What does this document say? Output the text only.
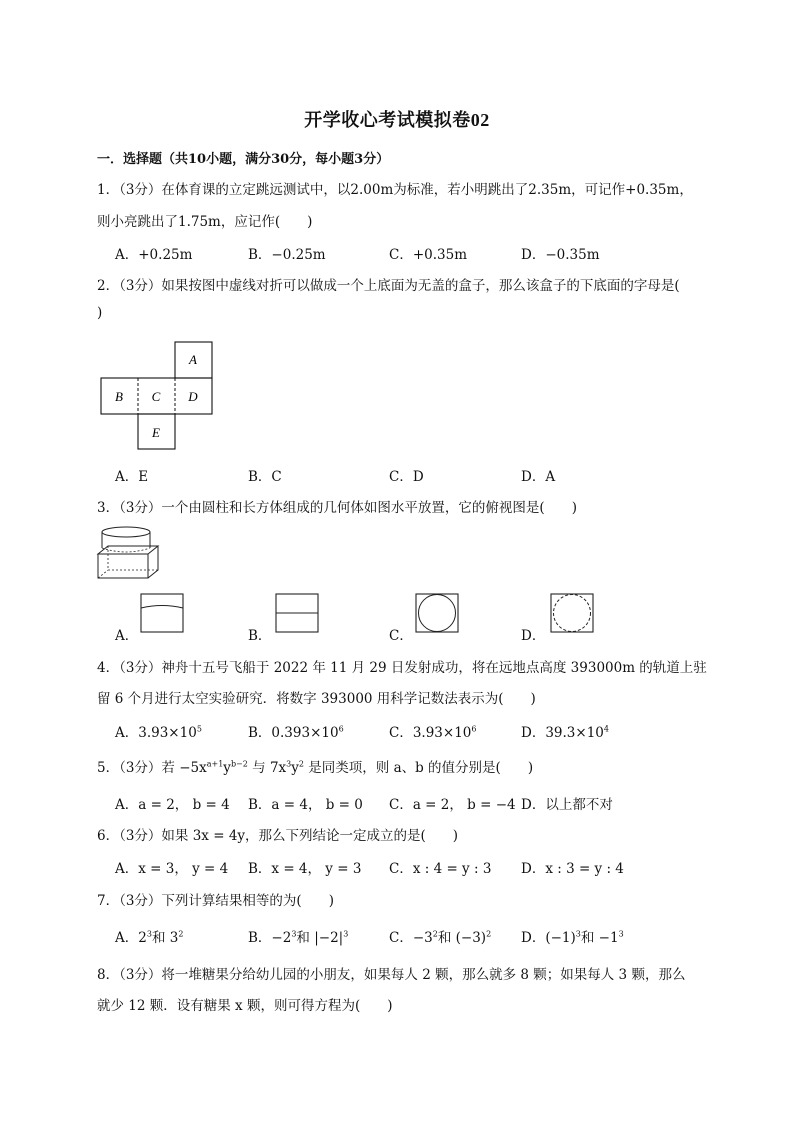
开学收心考试模拟卷02
一．选择题（共10小题，满分30分，每小题3分）
1．（3分）在体育课的立定跳远测试中，以2.00m为标准，若小明跳出了2.35m，可记作+0.35m，
则小亮跳出了1.75m，应记作(　　)
A．+0.25m	B．−0.25m	C．+0.35m	D．−0.35m
2．（3分）如果按图中虚线对折可以做成一个上底面为无盖的盒子，那么该盒子的下底面的字母是(
)
A
B C D
E
A．E	B．C	C．D	D．A
3．（3分）一个由圆柱和长方体组成的几何体如图水平放置，它的俯视图是(　　)
A．	B．	C．	D．
4．（3分）神舟十五号飞船于 2022 年 11 月 29 日发射成功，将在远地点高度 393000m 的轨道上驻
留 6 个月进行太空实验研究．将数字 393000 用科学记数法表示为(　　)
A．$3.93\times 10^5$	B．$0.393\times 10^6$	C．$3.93\times 10^6$	D．$39.3\times 10^4$
5．（3分）若 $-5x^{a+1}y^{b-2}$ 与 $7x^3y^2$ 是同类项，则 a、b 的值分别是(　　)
A．a = 2， b = 4 B．a = 4， b = 0 C．a = 2， b = −4 D．以上都不对
6．（3分）如果 3x = 4y，那么下列结论一定成立的是(　　)
A．x = 3， y = 4 B．x = 4， y = 3 C．x : 4 = y : 3 D．x : 3 = y : 4
7．（3分）下列计算结果相等的为(　　)
A．$2^3$和 $3^2$	B．$-2^3$和 $|-2|^3$	C．$-3^2$和 $(-3)^2$ D．$(-1)^3$和 $-1^3$
8．（3分）将一堆糖果分给幼儿园的小朋友，如果每人 2 颗，那么就多 8 颗；如果每人 3 颗，那么
就少 12 颗．设有糖果 x 颗，则可得方程为(　　)
